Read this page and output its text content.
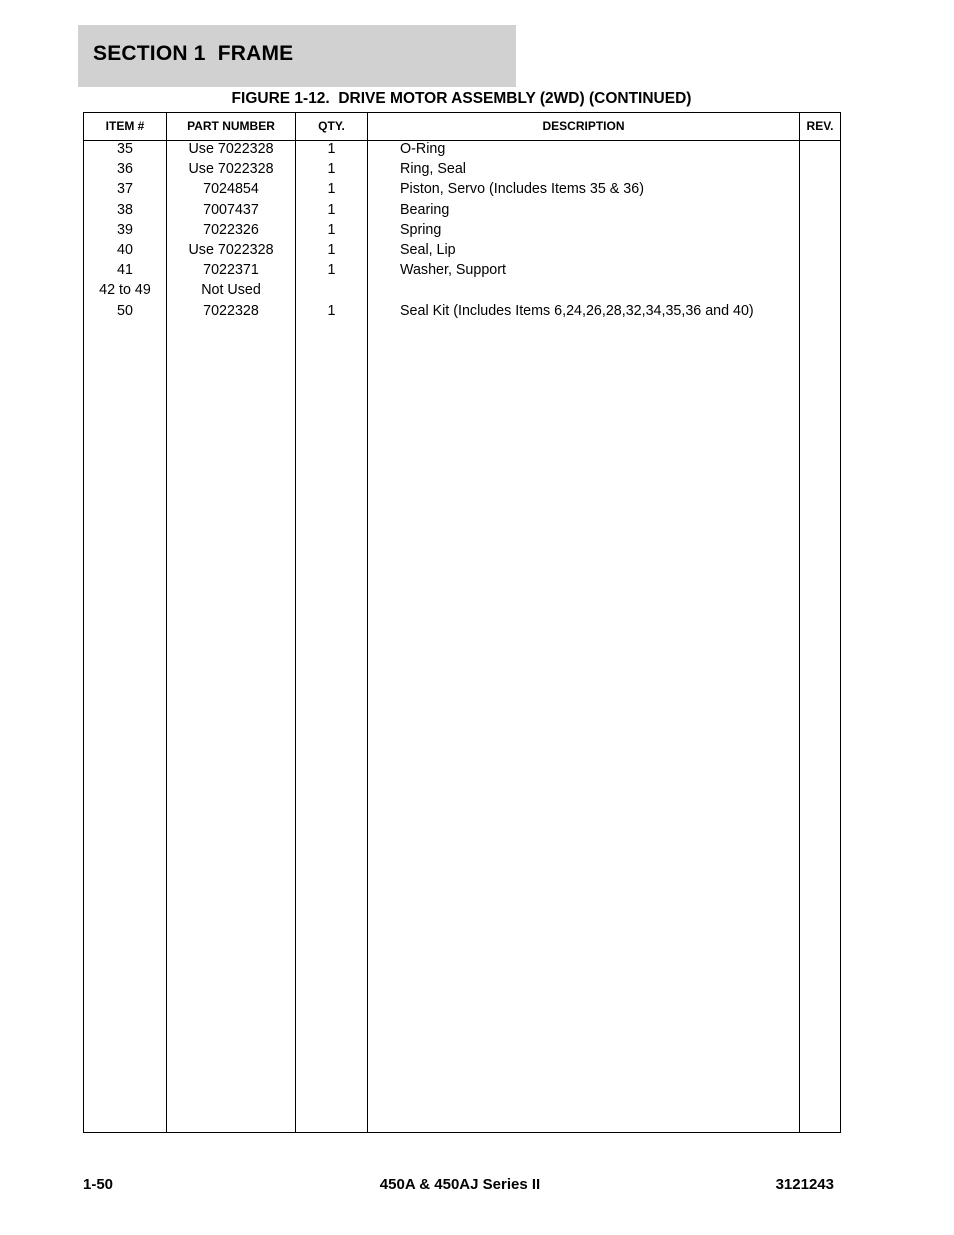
SECTION 1  FRAME
FIGURE 1-12.  DRIVE MOTOR ASSEMBLY (2WD) (CONTINUED)
ITEM #	PART NUMBER	QTY.	DESCRIPTION	REV.
35	Use 7022328	1	O-Ring
36	Use 7022328	1	Ring, Seal
37	7024854	1	Piston, Servo (Includes Items 35 & 36)
38	7007437	1	Bearing
39	7022326	1	Spring
40	Use 7022328	1	Seal, Lip
41	7022371	1	Washer, Support
42 to 49	Not Used
50	7022328	1	Seal Kit (Includes Items 6,24,26,28,32,34,35,36 and 40)
1-50	450A & 450AJ Series II	3121243
